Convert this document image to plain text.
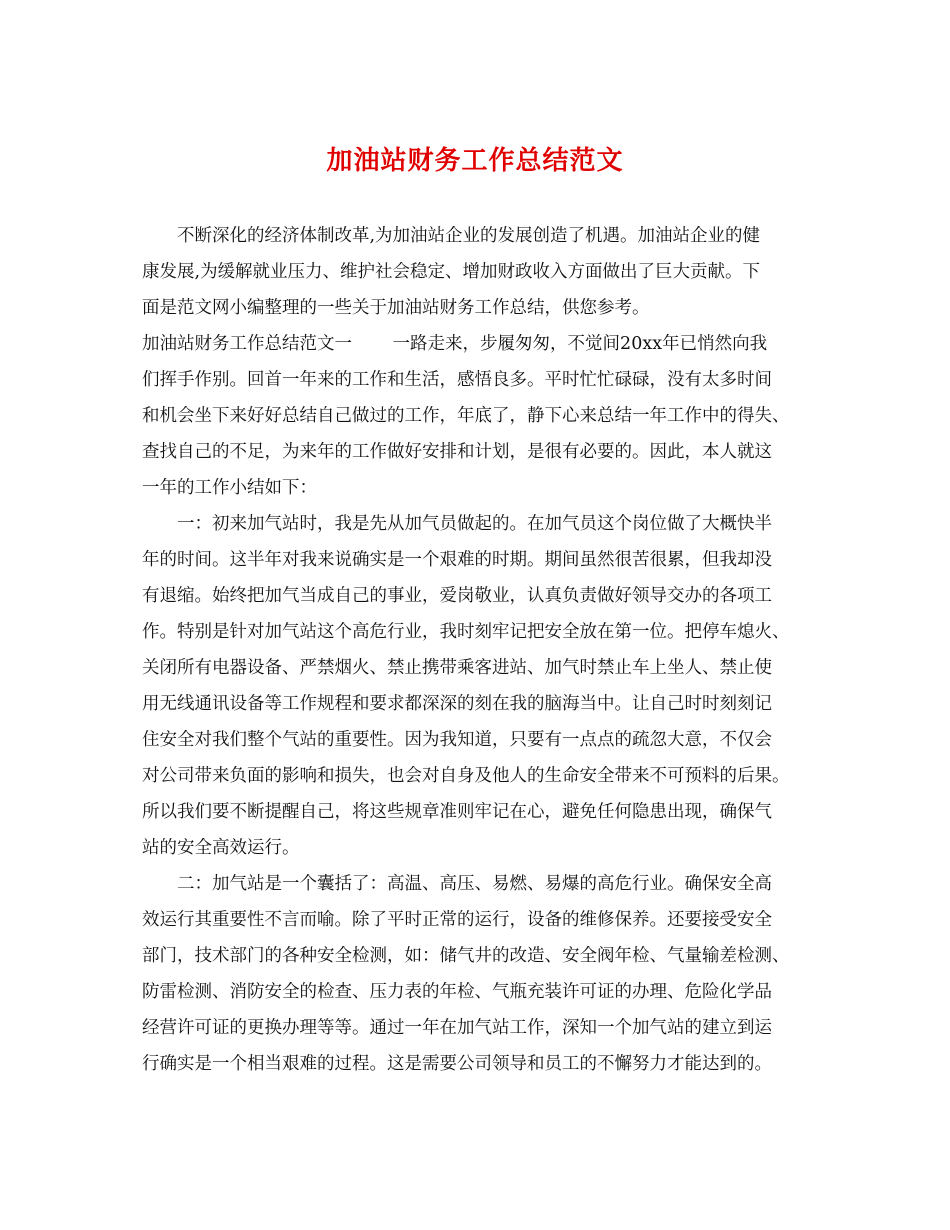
加油站财务工作总结范文

　　不断深化的经济体制改革,为加油站企业的发展创造了机遇。加油站企业的健

康发展,为缓解就业压力、维护社会稳定、增加财政收入方面做出了巨大贡献。下

面是范文网小编整理的一些关于加油站财务工作总结，供您参考。

加油站财务工作总结范文一　　 一路走来，步履匆匆，不觉间20xx年已悄然向我

们挥手作别。回首一年来的工作和生活，感悟良多。平时忙忙碌碌，没有太多时间

和机会坐下来好好总结自己做过的工作，年底了，静下心来总结一年工作中的得失、

查找自己的不足，为来年的工作做好安排和计划，是很有必要的。因此，本人就这

一年的工作小结如下：

　　一：初来加气站时，我是先从加气员做起的。在加气员这个岗位做了大概快半

年的时间。这半年对我来说确实是一个艰难的时期。期间虽然很苦很累，但我却没

有退缩。始终把加气当成自己的事业，爱岗敬业，认真负责做好领导交办的各项工

作。特别是针对加气站这个高危行业，我时刻牢记把安全放在第一位。把停车熄火、

关闭所有电器设备、严禁烟火、禁止携带乘客进站、加气时禁止车上坐人、禁止使

用无线通讯设备等工作规程和要求都深深的刻在我的脑海当中。让自己时时刻刻记

住安全对我们整个气站的重要性。因为我知道，只要有一点点的疏忽大意，不仅会

对公司带来负面的影响和损失，也会对自身及他人的生命安全带来不可预料的后果。

所以我们要不断提醒自己，将这些规章准则牢记在心，避免任何隐患出现，确保气

站的安全高效运行。

　　二：加气站是一个囊括了：高温、高压、易燃、易爆的高危行业。确保安全高

效运行其重要性不言而喻。除了平时正常的运行，设备的维修保养。还要接受安全

部门，技术部门的各种安全检测，如：储气井的改造、安全阀年检、气量输差检测、

防雷检测、消防安全的检查、压力表的年检、气瓶充装许可证的办理、危险化学品

经营许可证的更换办理等等。通过一年在加气站工作，深知一个加气站的建立到运

行确实是一个相当艰难的过程。这是需要公司领导和员工的不懈努力才能达到的。
